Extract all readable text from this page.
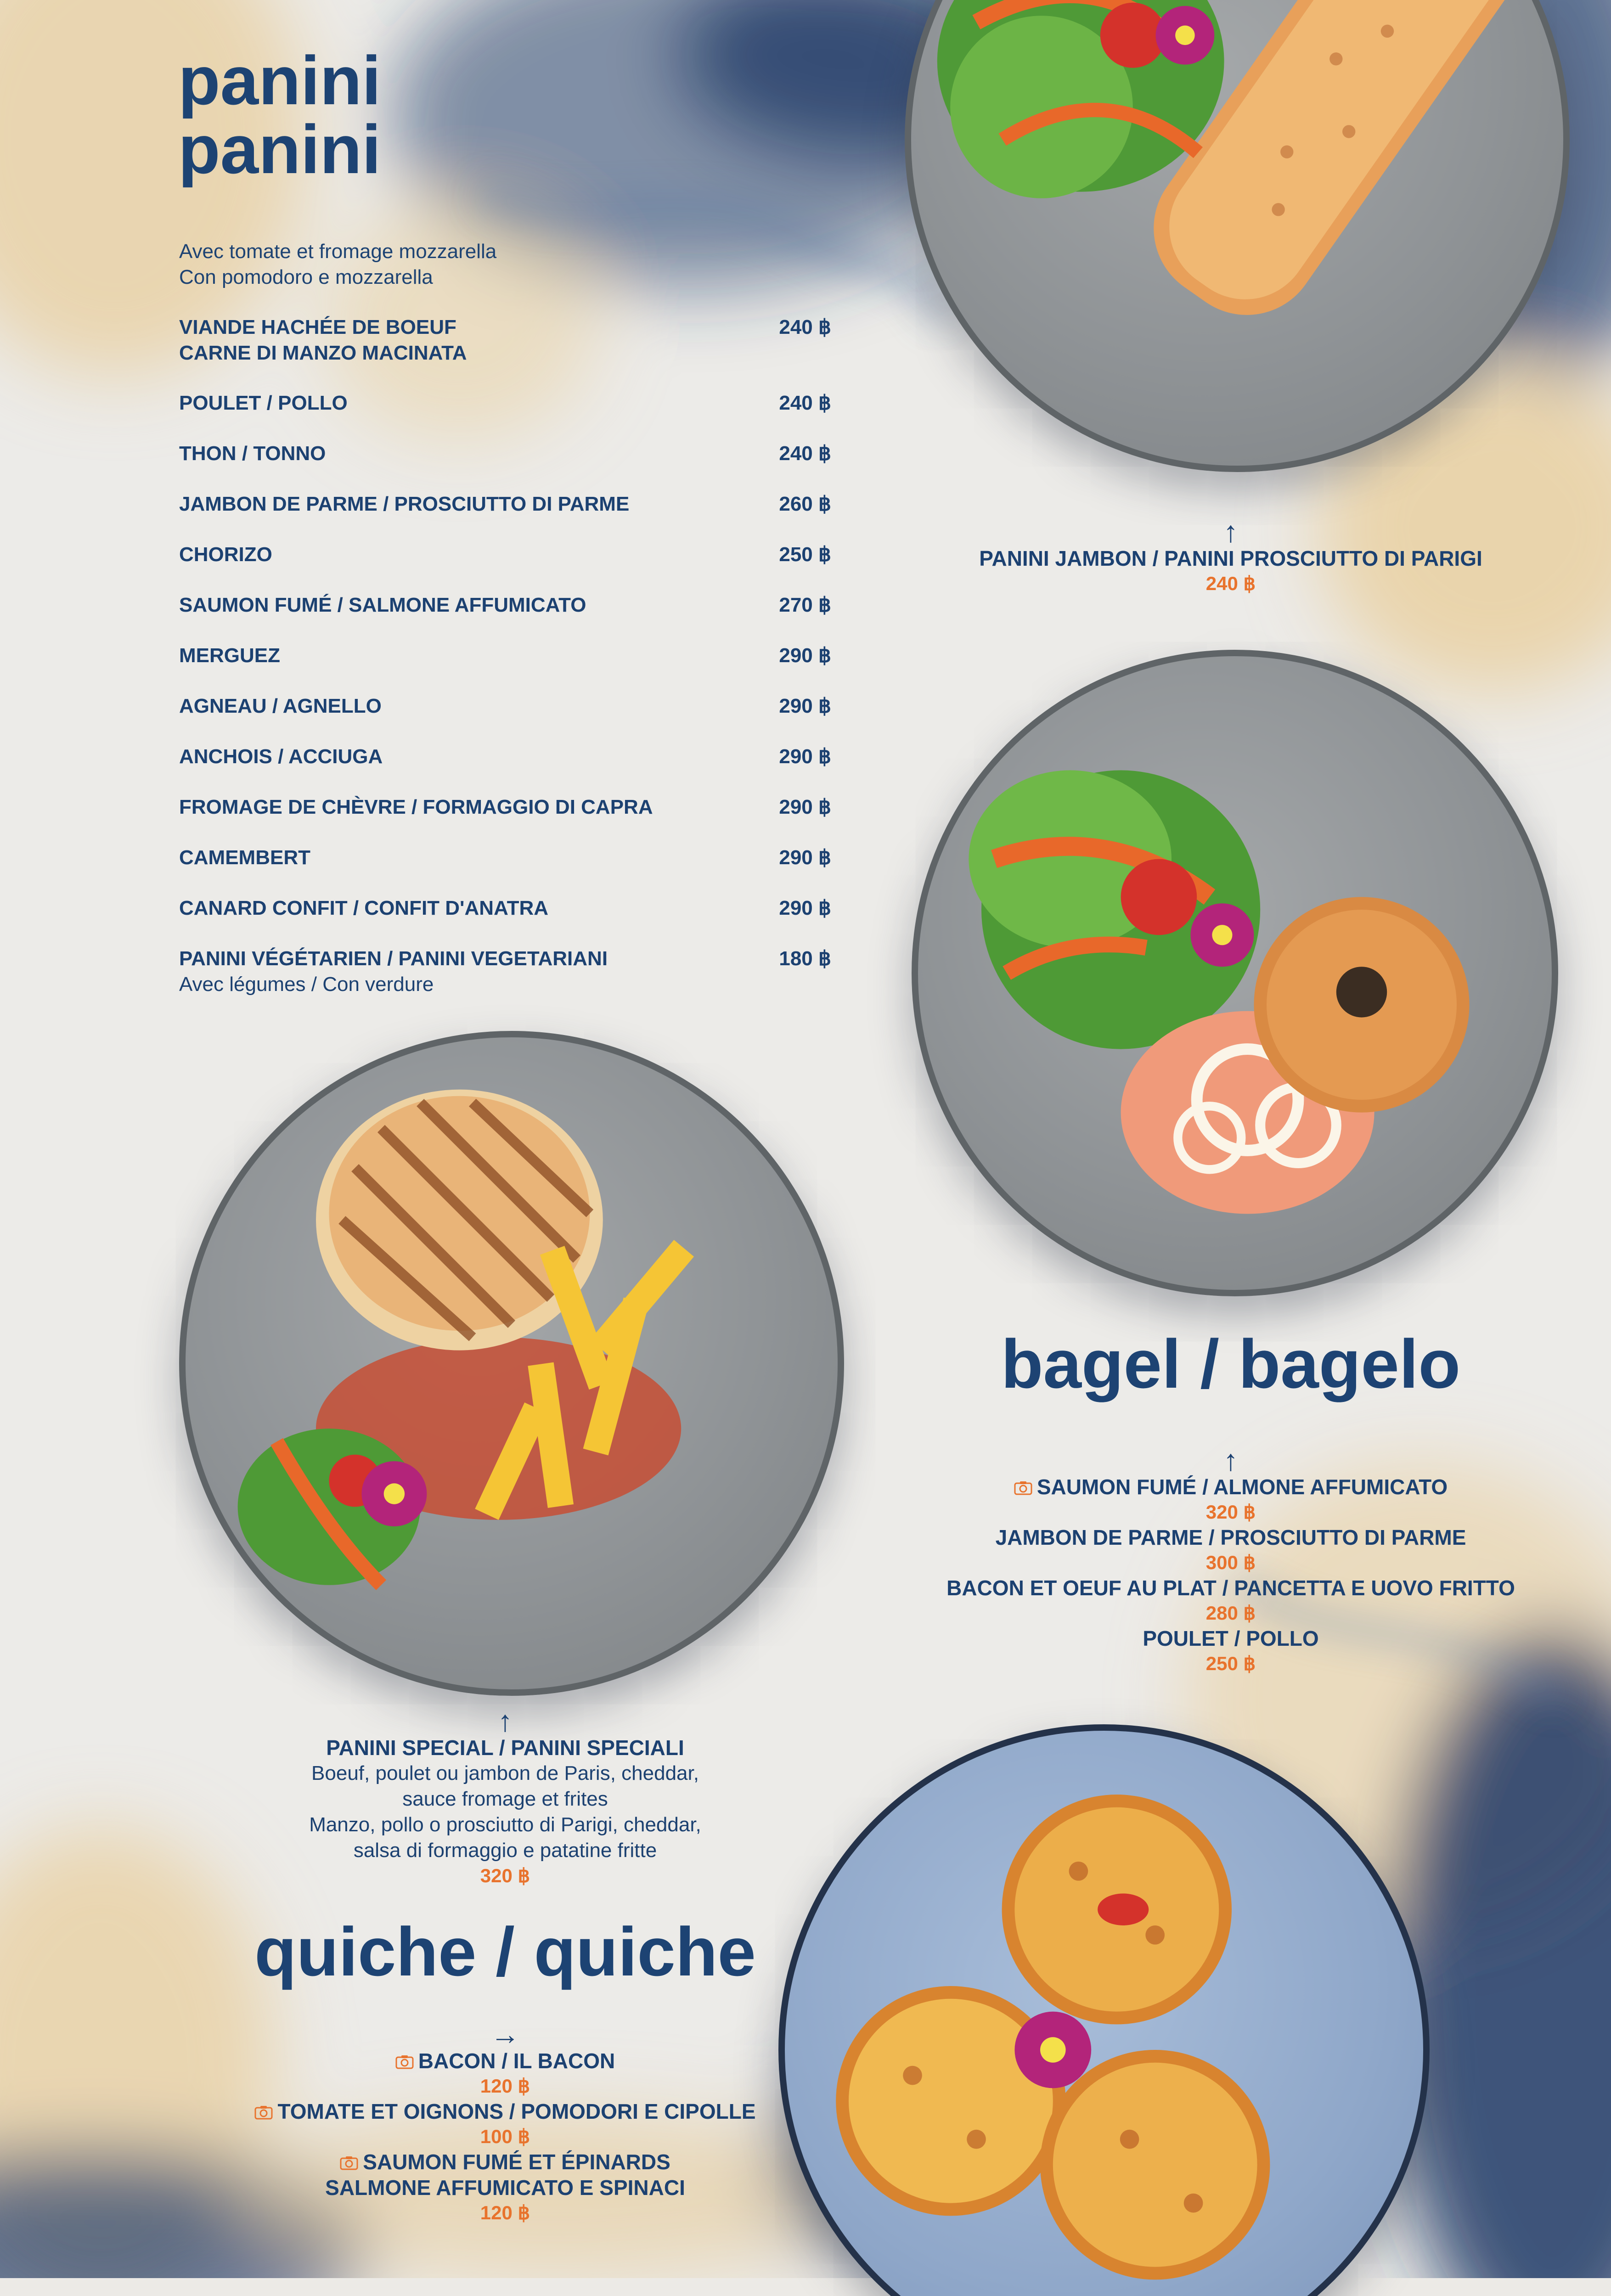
panini
panini
Avec tomate et fromage mozzarella
Con pomodoro e mozzarella
VIANDE HACHÉE DE BOEUF
CARNE DI MANZO MACINATA
240 ฿
POULET / POLLO	240 ฿
THON / TONNO	240 ฿
JAMBON DE PARME / PROSCIUTTO DI PARME	260 ฿
CHORIZO	250 ฿
SAUMON FUMÉ / SALMONE AFFUMICATO	270 ฿
MERGUEZ	290 ฿
AGNEAU / AGNELLO	290 ฿
ANCHOIS / ACCIUGA	290 ฿
FROMAGE DE CHÈVRE / FORMAGGIO DI CAPRA	290 ฿
CAMEMBERT	290 ฿
CANARD CONFIT / CONFIT D'ANATRA	290 ฿
PANINI VÉGÉTARIEN / PANINI VEGETARIANI
Avec légumes / Con verdure
180 ฿
↑
PANINI JAMBON / PANINI PROSCIUTTO DI PARIGI
240 ฿
bagel / bagelo
↑
SAUMON FUMÉ / ALMONE AFFUMICATO
320 ฿
JAMBON DE PARME / PROSCIUTTO DI PARME
300 ฿
BACON ET OEUF AU PLAT / PANCETTA E UOVO FRITTO
280 ฿
POULET / POLLO
250 ฿
↑
PANINI SPECIAL / PANINI SPECIALI
Boeuf, poulet ou jambon de Paris, cheddar,
sauce fromage et frites
Manzo, pollo o prosciutto di Parigi, cheddar,
salsa di formaggio e patatine fritte
320 ฿
quiche / quiche
→
BACON / IL BACON
120 ฿
TOMATE ET OIGNONS / POMODORI E CIPOLLE
100 ฿
SAUMON FUMÉ ET ÉPINARDS
SALMONE AFFUMICATO E SPINACI
120 ฿
